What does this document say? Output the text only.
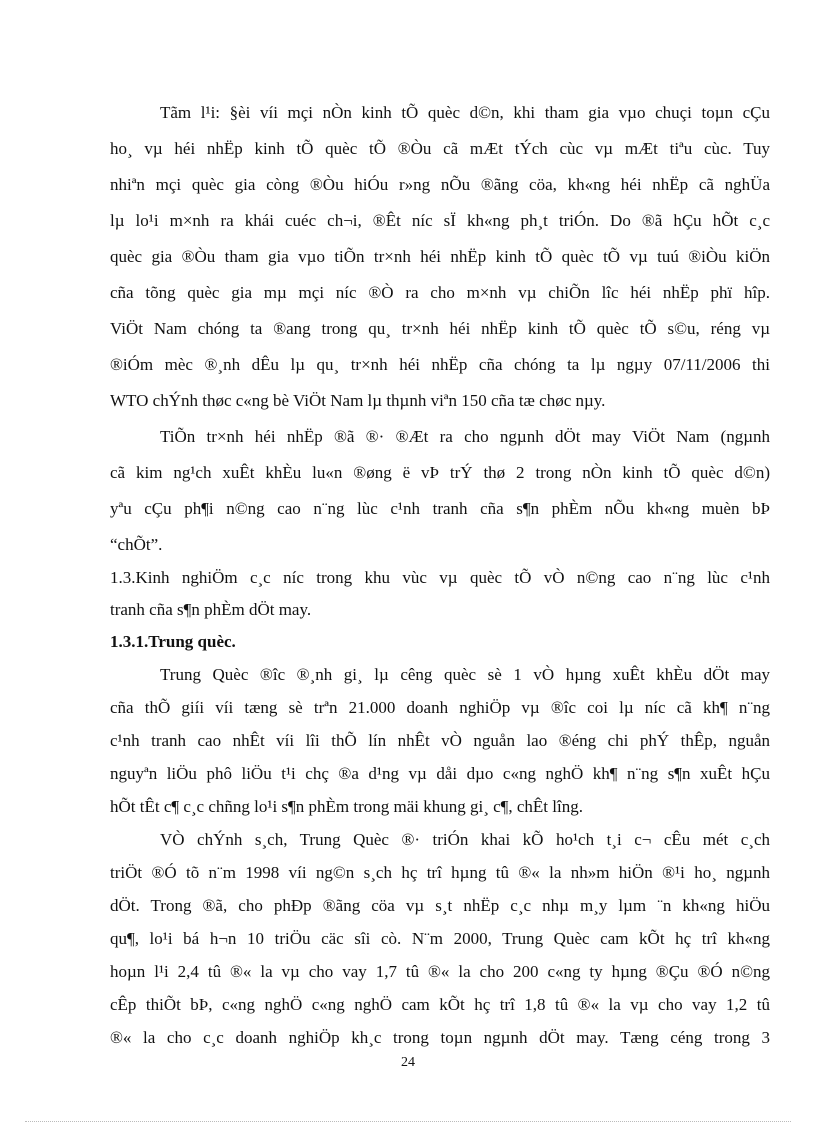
Tãm l¹i: §èi víi mçi nÒn kinh tÕ quèc d©n, khi tham gia vµo chuçi toµn cÇu
ho¸ vµ héi nhËp kinh tÕ quèc tÕ ®Òu cã mÆt tÝch cùc vµ mÆt tiªu cùc. Tuy
nhiªn mçi quèc gia còng ®Òu hiÓu r»ng nÕu ®ãng cöa, kh«ng héi nhËp cã nghÜa
lµ lo¹i m×nh ra khái cuéc ch¬i, ®Êt níc sÏ kh«ng ph¸t triÓn. Do ®ã hÇu hÕt c¸c
quèc gia ®Òu tham gia vµo tiÕn tr×nh héi nhËp kinh tÕ quèc tÕ vµ tuú ®iÒu kiÖn
cña tõng quèc gia mµ mçi níc ®Ò ra cho m×nh vµ chiÕn lîc héi nhËp phï hîp.
ViÖt Nam chóng ta ®ang trong qu¸ tr×nh héi nhËp kinh tÕ quèc tÕ s©u, réng vµ
®iÓm mèc ®¸nh dÊu lµ qu¸ tr×nh héi nhËp cña chóng ta lµ ngµy 07/11/2006 thi
WTO chÝnh thøc c«ng bè ViÖt Nam lµ thµnh viªn 150 cña tæ chøc nµy.
TiÕn tr×nh héi nhËp ®ã ®· ®Æt ra cho ngµnh dÖt may ViÖt Nam (ngµnh
cã kim ng¹ch xuÊt khÈu lu«n ®øng ë vÞ trÝ thø 2 trong nÒn kinh tÕ quèc d©n)
yªu cÇu ph¶i n©ng cao n¨ng lùc c¹nh tranh cña s¶n phÈm nÕu kh«ng muèn bÞ
“chÕt”.
1.3.Kinh nghiÖm c¸c níc trong khu vùc vµ quèc tÕ vÒ n©ng cao n¨ng lùc c¹nh
tranh cña s¶n phÈm dÖt may.
1.3.1.Trung quèc.
Trung Quèc ®îc ®¸nh gi¸ lµ cêng quèc sè 1 vÒ hµng xuÊt khÈu dÖt may
cña thÕ giíi víi tæng sè trªn 21.000 doanh nghiÖp vµ ®îc coi lµ níc cã kh¶ n¨ng
c¹nh tranh cao nhÊt víi lîi thÕ lín nhÊt vÒ nguån lao ®éng chi phÝ thÊp, nguån
nguyªn liÖu phô liÖu t¹i chç ®a d¹ng vµ dåi dµo c«ng nghÖ kh¶ n¨ng s¶n xuÊt hÇu
hÕt tÊt c¶ c¸c chñng lo¹i s¶n phÈm trong mäi khung gi¸ c¶, chÊt lîng.
VÒ chÝnh s¸ch, Trung Quèc ®· triÓn khai kÕ ho¹ch t¸i c¬ cÊu mét c¸ch
triÖt ®Ó tõ n¨m 1998 víi ng©n s¸ch hç trî hµng tû ®« la nh»m hiÖn ®¹i ho¸ ngµnh
dÖt. Trong ®ã, cho phÐp ®ãng cöa vµ s¸t nhËp c¸c nhµ m¸y lµm ¨n kh«ng hiÖu
qu¶, lo¹i bá h¬n 10 triÖu cäc sîi cò. N¨m 2000, Trung Quèc cam kÕt hç trî kh«ng
hoµn l¹i 2,4 tû ®« la vµ cho vay 1,7 tû ®« la cho 200 c«ng ty hµng ®Çu ®Ó n©ng
cÊp thiÕt bÞ, c«ng nghÖ c«ng nghÖ cam kÕt hç trî 1,8 tû ®« la vµ cho vay 1,2 tû
®« la cho c¸c doanh nghiÖp kh¸c trong toµn ngµnh dÖt may. Tæng céng trong 3
24
